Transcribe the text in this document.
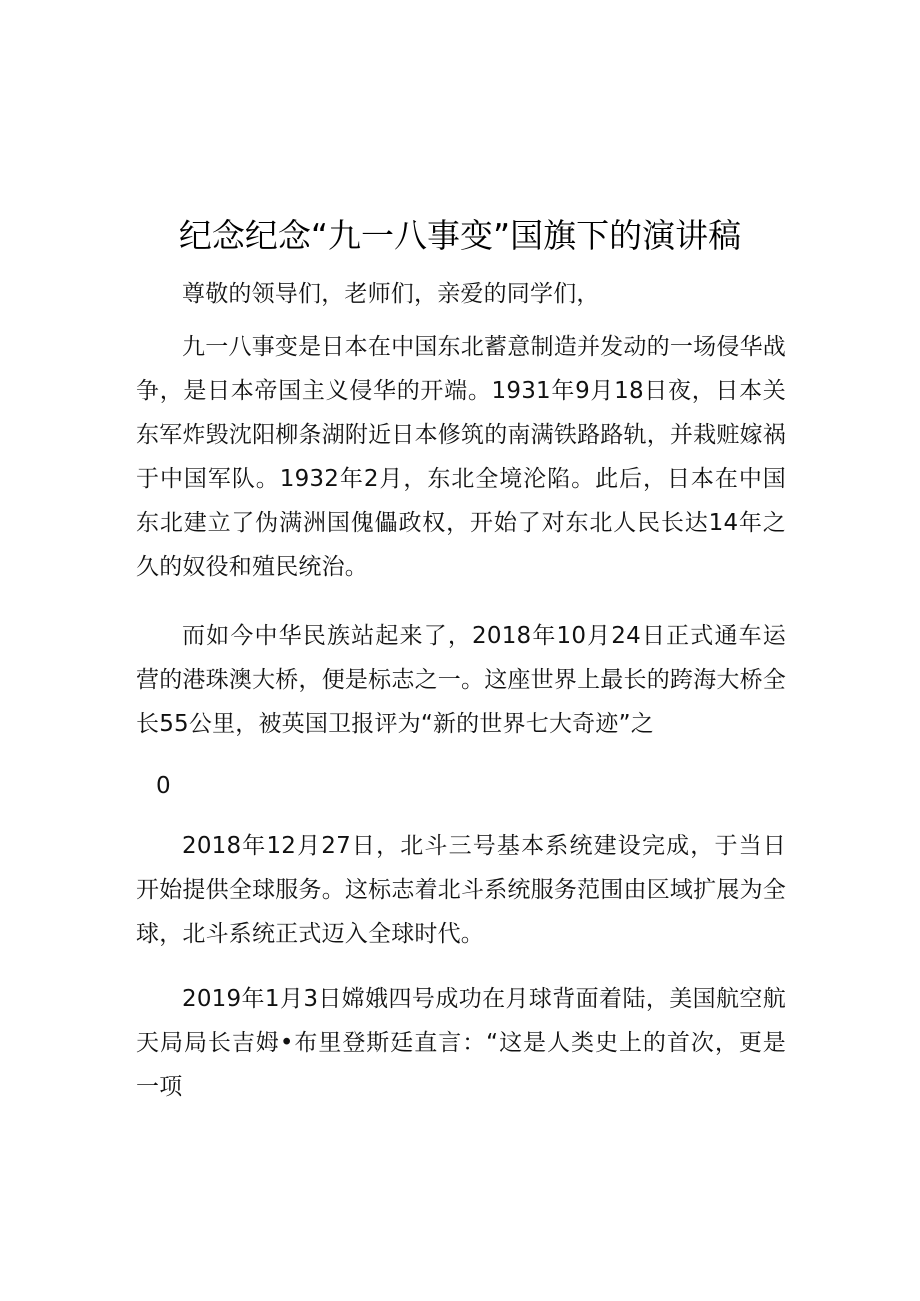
纪念纪念“九一八事变”国旗下的演讲稿

尊敬的领导们，老师们，亲爱的同学们，

九一八事变是日本在中国东北蓄意制造并发动的一场侵华战争，是日本帝国主义侵华的开端。1931年9月18日夜，日本关东军炸毁沈阳柳条湖附近日本修筑的南满铁路路轨，并栽赃嫁祸于中国军队。1932年2月，东北全境沦陷。此后，日本在中国东北建立了伪满洲国傀儡政权，开始了对东北人民长达14年之久的奴役和殖民统治。

而如今中华民族站起来了，2018年10月24日正式通车运营的港珠澳大桥，便是标志之一。这座世界上最长的跨海大桥全长55公里，被英国卫报评为“新的世界七大奇迹”之

0

2018年12月27日，北斗三号基本系统建设完成，于当日开始提供全球服务。这标志着北斗系统服务范围由区域扩展为全球，北斗系统正式迈入全球时代。

2019年1月3日嫦娥四号成功在月球背面着陆，美国航空航天局局长吉姆•布里登斯廷直言：“这是人类史上的首次，更是一项
